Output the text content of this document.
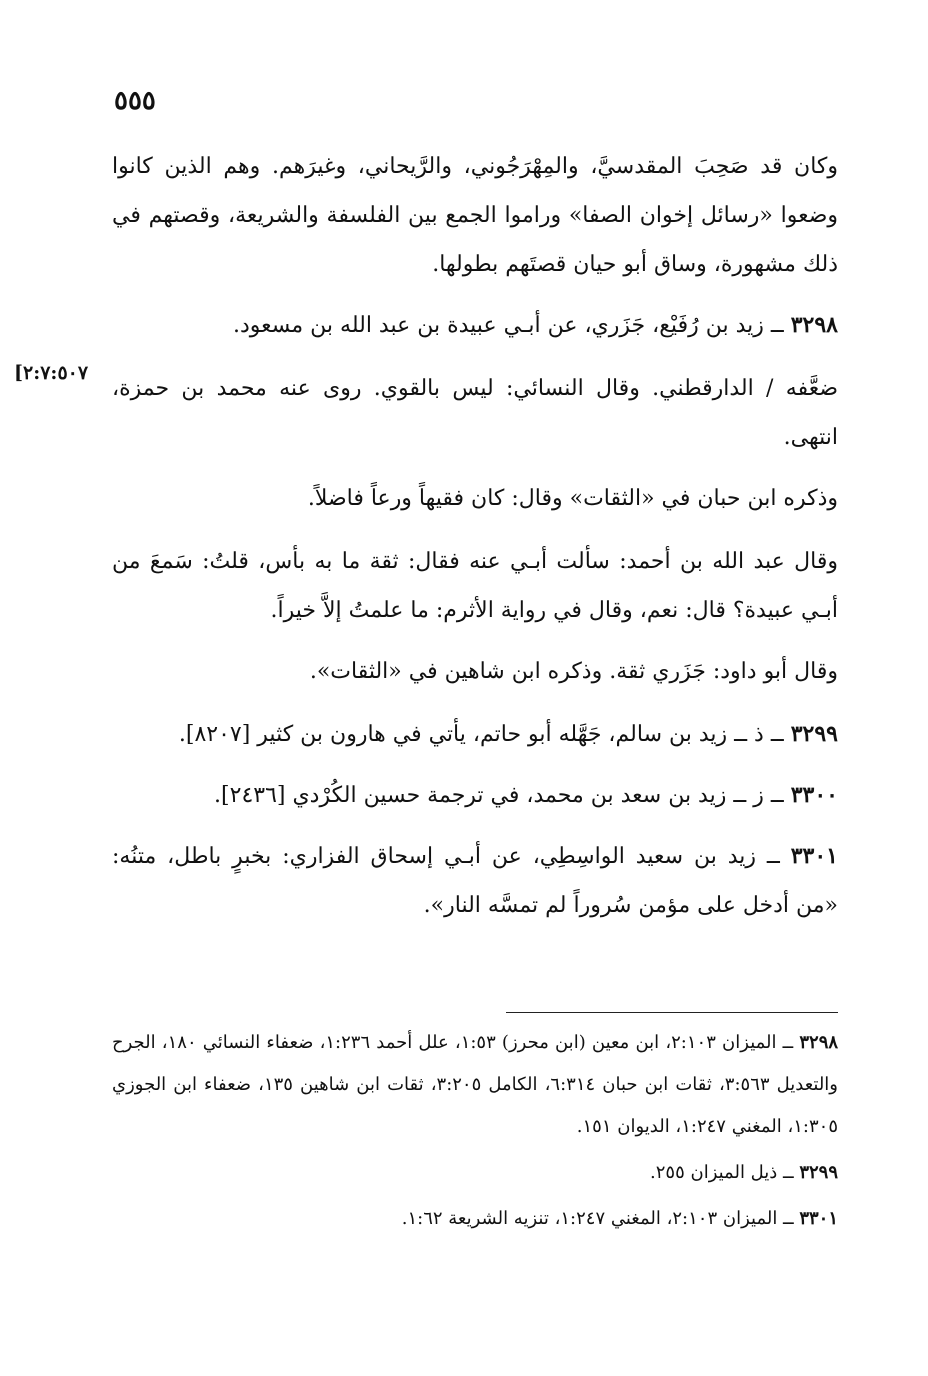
٥٥٥
[٢:٧:٥٠٧

وكان قد صَحِبَ المقدسيَّ، والمِهْرَجُوني، والرَّيحاني، وغيرَهم. وهم الذين كانوا وضعوا «رسائل إخوان الصفا» وراموا الجمع بين الفلسفة والشريعة، وقصتهم في ذلك مشهورة، وساق أبو حيان قصتَهم بطولها.

٣٢٩٨ ــ زيد بن رُفَيْع، جَزَري، عن أبـي عبيدة بن عبد الله بن مسعود.

ضعَّفه / الدارقطني. وقال النسائي: ليس بالقوي. روى عنه محمد بن حمزة، انتهى.

وذكره ابن حبان في «الثقات» وقال: كان فقيهاً ورعاً فاضلاً.

وقال عبد الله بن أحمد: سألت أبـي عنه فقال: ثقة ما به بأس، قلتُ: سَمعَ من أبـي عبيدة؟ قال: نعم، وقال في رواية الأثرم: ما علمتُ إلاَّ خيراً.

وقال أبو داود: جَزَري ثقة. وذكره ابن شاهين في «الثقات».

٣٢٩٩ ــ ذ ــ زيد بن سالم، جَهَّله أبو حاتم، يأتي في هارون بن كثير [٨٢٠٧].

٣٣٠٠ ــ ز ــ زيد بن سعد بن محمد، في ترجمة حسين الكُرْدي [٢٤٣٦].

٣٣٠١ ــ زيد بن سعيد الواسِطِي، عن أبـي إسحاق الفزاري: بخبرٍ باطل، متنُه: «من أدخل على مؤمن سُروراً لم تمسَّه النار».

٣٢٩٨ ــ الميزان ٢:١٠٣، ابن معين (ابن محرز) ١:٥٣، علل أحمد ١:٢٣٦، ضعفاء النسائي ١٨٠، الجرح والتعديل ٣:٥٦٣، ثقات ابن حبان ٦:٣١٤، الكامل ٣:٢٠٥، ثقات ابن شاهين ١٣٥، ضعفاء ابن الجوزي ١:٣٠٥، المغني ١:٢٤٧، الديوان ١٥١.

٣٢٩٩ ــ ذيل الميزان ٢٥٥.

٣٣٠١ ــ الميزان ٢:١٠٣، المغني ١:٢٤٧، تنزيه الشريعة ١:٦٢.
